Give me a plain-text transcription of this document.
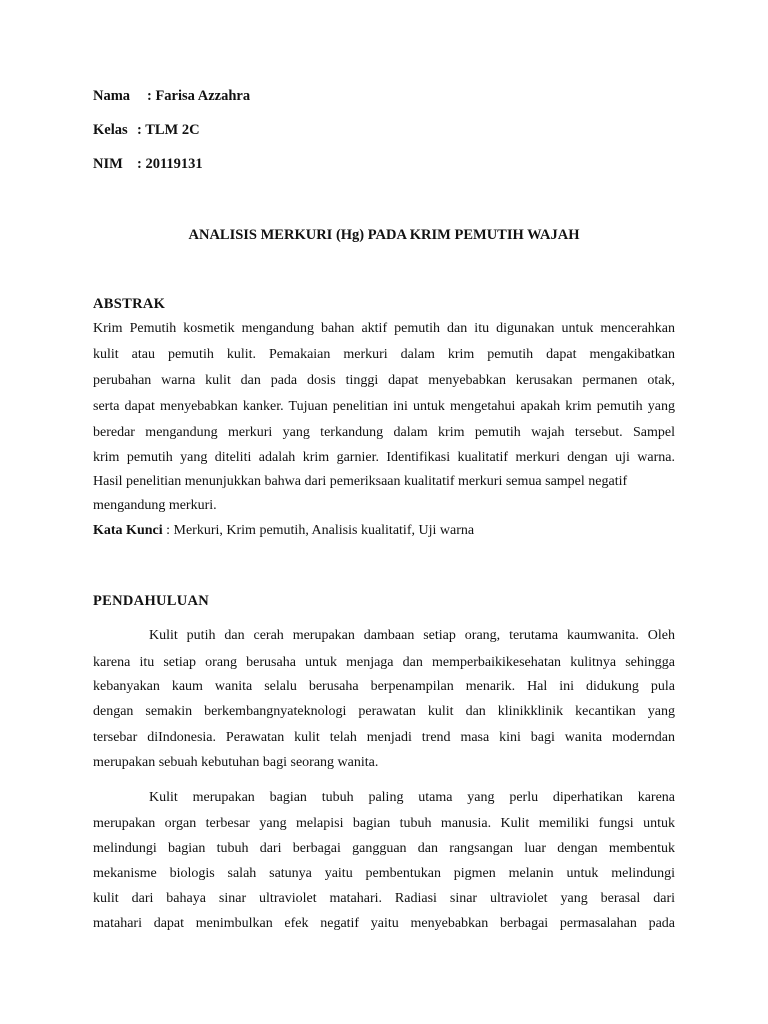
Nama : Farisa Azzahra
Kelas : TLM 2C
NIM : 20119131
ANALISIS MERKURI (Hg) PADA KRIM PEMUTIH WAJAH
ABSTRAK
Krim Pemutih kosmetik mengandung bahan aktif pemutih dan itu digunakan untuk mencerahkan
kulit atau pemutih kulit. Pemakaian merkuri dalam krim pemutih dapat mengakibatkan
perubahan warna kulit dan pada dosis tinggi dapat menyebabkan kerusakan permanen otak,
serta dapat menyebabkan kanker. Tujuan penelitian ini untuk mengetahui apakah krim pemutih yang
beredar mengandung merkuri yang terkandung dalam krim pemutih wajah tersebut. Sampel
krim pemutih yang diteliti adalah krim garnier. Identifikasi kualitatif merkuri dengan uji warna.
Hasil penelitian menunjukkan bahwa dari pemeriksaan kualitatif merkuri semua sampel negatif
mengandung merkuri.
Kata Kunci : Merkuri, Krim pemutih, Analisis kualitatif, Uji warna
PENDAHULUAN
Kulit putih dan cerah merupakan dambaan setiap orang, terutama kaumwanita. Oleh
karena itu setiap orang berusaha untuk menjaga dan memperbaikikesehatan kulitnya sehingga
kebanyakan kaum wanita selalu berusaha berpenampilan menarik. Hal ini didukung pula
dengan semakin berkembangnyateknologi perawatan kulit dan klinikklinik kecantikan yang
tersebar diIndonesia. Perawatan kulit telah menjadi trend masa kini bagi wanita moderndan
merupakan sebuah kebutuhan bagi seorang wanita.
Kulit merupakan bagian tubuh paling utama yang perlu diperhatikan karena
merupakan organ terbesar yang melapisi bagian tubuh manusia. Kulit memiliki fungsi untuk
melindungi bagian tubuh dari berbagai gangguan dan rangsangan luar dengan membentuk
mekanisme biologis salah satunya yaitu pembentukan pigmen melanin untuk melindungi
kulit dari bahaya sinar ultraviolet matahari. Radiasi sinar ultraviolet yang berasal dari
matahari dapat menimbulkan efek negatif yaitu menyebabkan berbagai permasalahan pada
